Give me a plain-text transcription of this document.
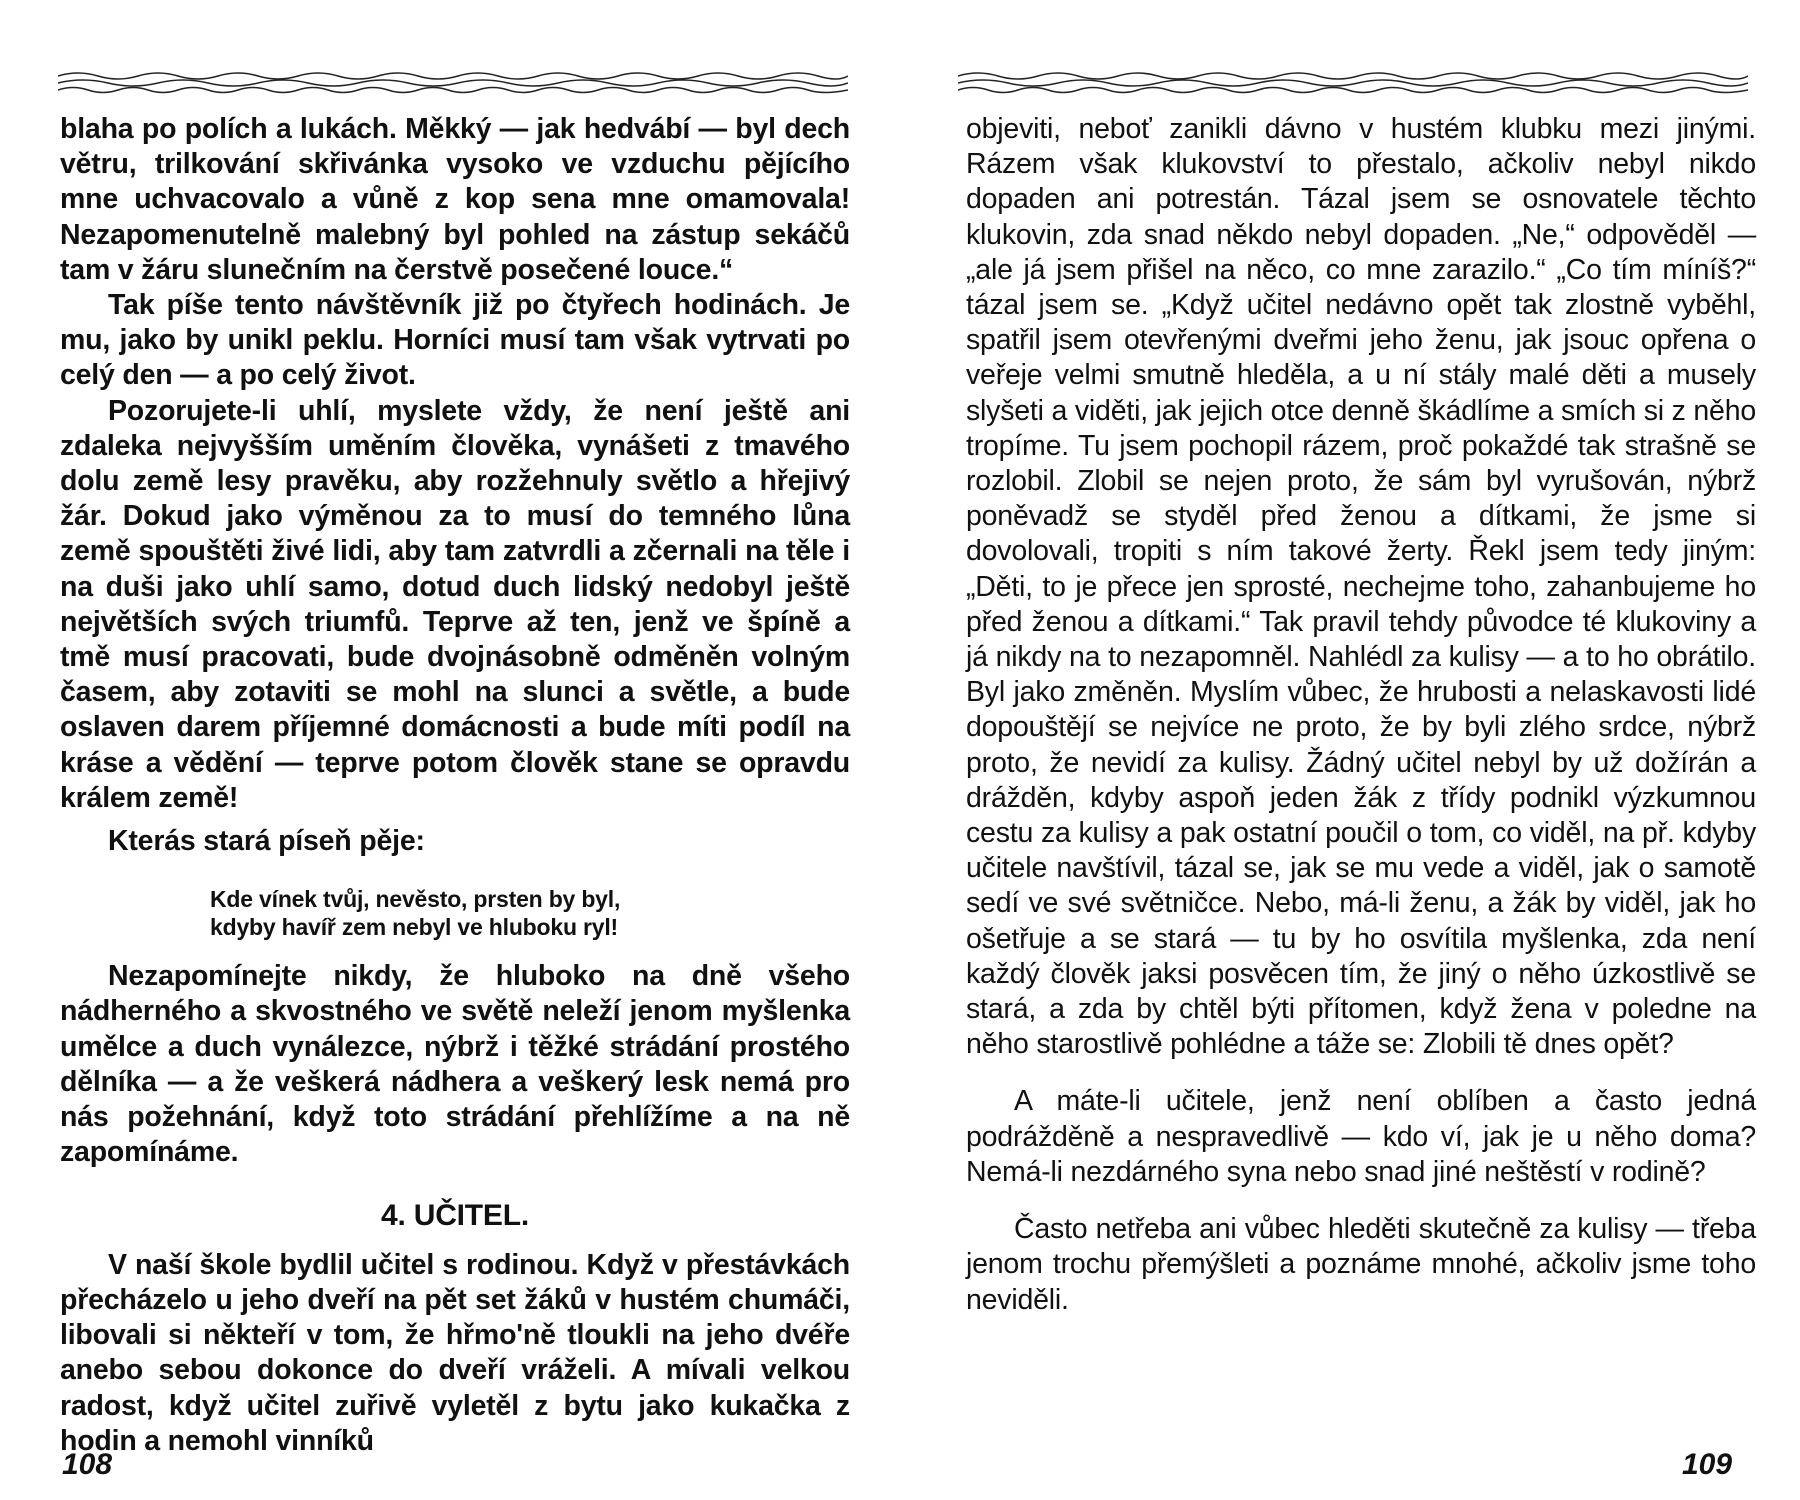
blaha po polích a lukách. Měkký — jak hedvábí — byl dech větru, trilkování skřivánka vysoko ve vzduchu pějícího mne uchvacovalo a vůně z kop sena mne omamovala! Nezapomenutelně malebný byl pohled na zástup sekáčů tam v žáru slunečním na čerstvě posečené louce.“

Tak píše tento návštěvník již po čtyřech hodinách. Je mu, jako by unikl peklu. Horníci musí tam však vytrvati po celý den — a po celý život.

Pozorujete-li uhlí, myslete vždy, že není ještě ani zdaleka nejvyšším uměním člověka, vynášeti z tmavého dolu země lesy pravěku, aby rozžehnuly světlo a hřejivý žár. Dokud jako výměnou za to musí do temného lůna země spouštěti živé lidi, aby tam zatvrdli a zčernali na těle i na duši jako uhlí samo, dotud duch lidský nedobyl ještě největších svých triumfů. Teprve až ten, jenž ve špíně a tmě musí pracovati, bude dvojnásobně odměněn volným časem, aby zotaviti se mohl na slunci a světle, a bude oslaven darem příjemné domácnosti a bude míti podíl na kráse a vědění — teprve potom člověk stane se opravdu králem země!

Kterás stará píseň pěje:

Kde vínek tvůj, nevěsto, prsten by byl,
kdyby havíř zem nebyl ve hluboku ryl!

Nezapomínejte nikdy, že hluboko na dně všeho nádherného a skvostného ve světě neleží jenom myšlenka umělce a duch vynálezce, nýbrž i těžké strádání prostého dělníka — a že veškerá nádhera a veškerý lesk nemá pro nás požehnání, když toto strádání přehlížíme a na ně zapomínáme.

4. UČITEL.

V naší škole bydlil učitel s rodinou. Když v přestávkách přecházelo u jeho dveří na pět set žáků v hustém chumáči, libovali si někteří v tom, že hřmo'ně tloukli na jeho dvéře anebo sebou dokonce do dveří vráželi. A mívali velkou radost, když učitel zuřivě vyletěl z bytu jako kukačka z hodin a nemohl vinníků

108

objeviti, neboť zanikli dávno v hustém klubku mezi jinými. Rázem však klukovství to přestalo, ačkoliv nebyl nikdo dopaden ani potrestán. Tázal jsem se osnovatele těchto klukovin, zda snad někdo nebyl dopaden. „Ne,“ odpověděl — „ale já jsem přišel na něco, co mne zarazilo.“ „Co tím míníš?“ tázal jsem se. „Když učitel nedávno opět tak zlostně vyběhl, spatřil jsem otevřenými dveřmi jeho ženu, jak jsouc opřena o veřeje velmi smutně hleděla, a u ní stály malé děti a musely slyšeti a viděti, jak jejich otce denně škádlíme a smích si z něho tropíme. Tu jsem pochopil rázem, proč pokaždé tak strašně se rozlobil. Zlobil se nejen proto, že sám byl vyrušován, nýbrž poněvadž se styděl před ženou a dítkami, že jsme si dovolovali, tropiti s ním takové žerty. Řekl jsem tedy jiným: „Děti, to je přece jen sprosté, nechejme toho, zahanbujeme ho před ženou a dítkami.“ Tak pravil tehdy původce té klukoviny a já nikdy na to nezapomněl. Nahlédl za kulisy — a to ho obrátilo. Byl jako změněn. Myslím vůbec, že hrubosti a nelaskavosti lidé dopouštějí se nejvíce ne proto, že by byli zlého srdce, nýbrž proto, že nevidí za kulisy. Žádný učitel nebyl by už dožírán a drážděn, kdyby aspoň jeden žák z třídy podnikl výzkumnou cestu za kulisy a pak ostatní poučil o tom, co viděl, na př. kdyby učitele navštívil, tázal se, jak se mu vede a viděl, jak o samotě sedí ve své světničce. Nebo, má-li ženu, a žák by viděl, jak ho ošetřuje a se stará — tu by ho osvítila myšlenka, zda není každý člověk jaksi posvěcen tím, že jiný o něho úzkostlivě se stará, a zda by chtěl býti přítomen, když žena v poledne na něho starostlivě pohlédne a táže se: Zlobili tě dnes opět?

A máte-li učitele, jenž není oblíben a často jedná podrážděně a nespravedlivě — kdo ví, jak je u něho doma? Nemá-li nezdárného syna nebo snad jiné neštěstí v rodině?

Často netřeba ani vůbec hleděti skutečně za kulisy — třeba jenom trochu přemýšleti a poznáme mnohé, ačkoliv jsme toho neviděli.

109
